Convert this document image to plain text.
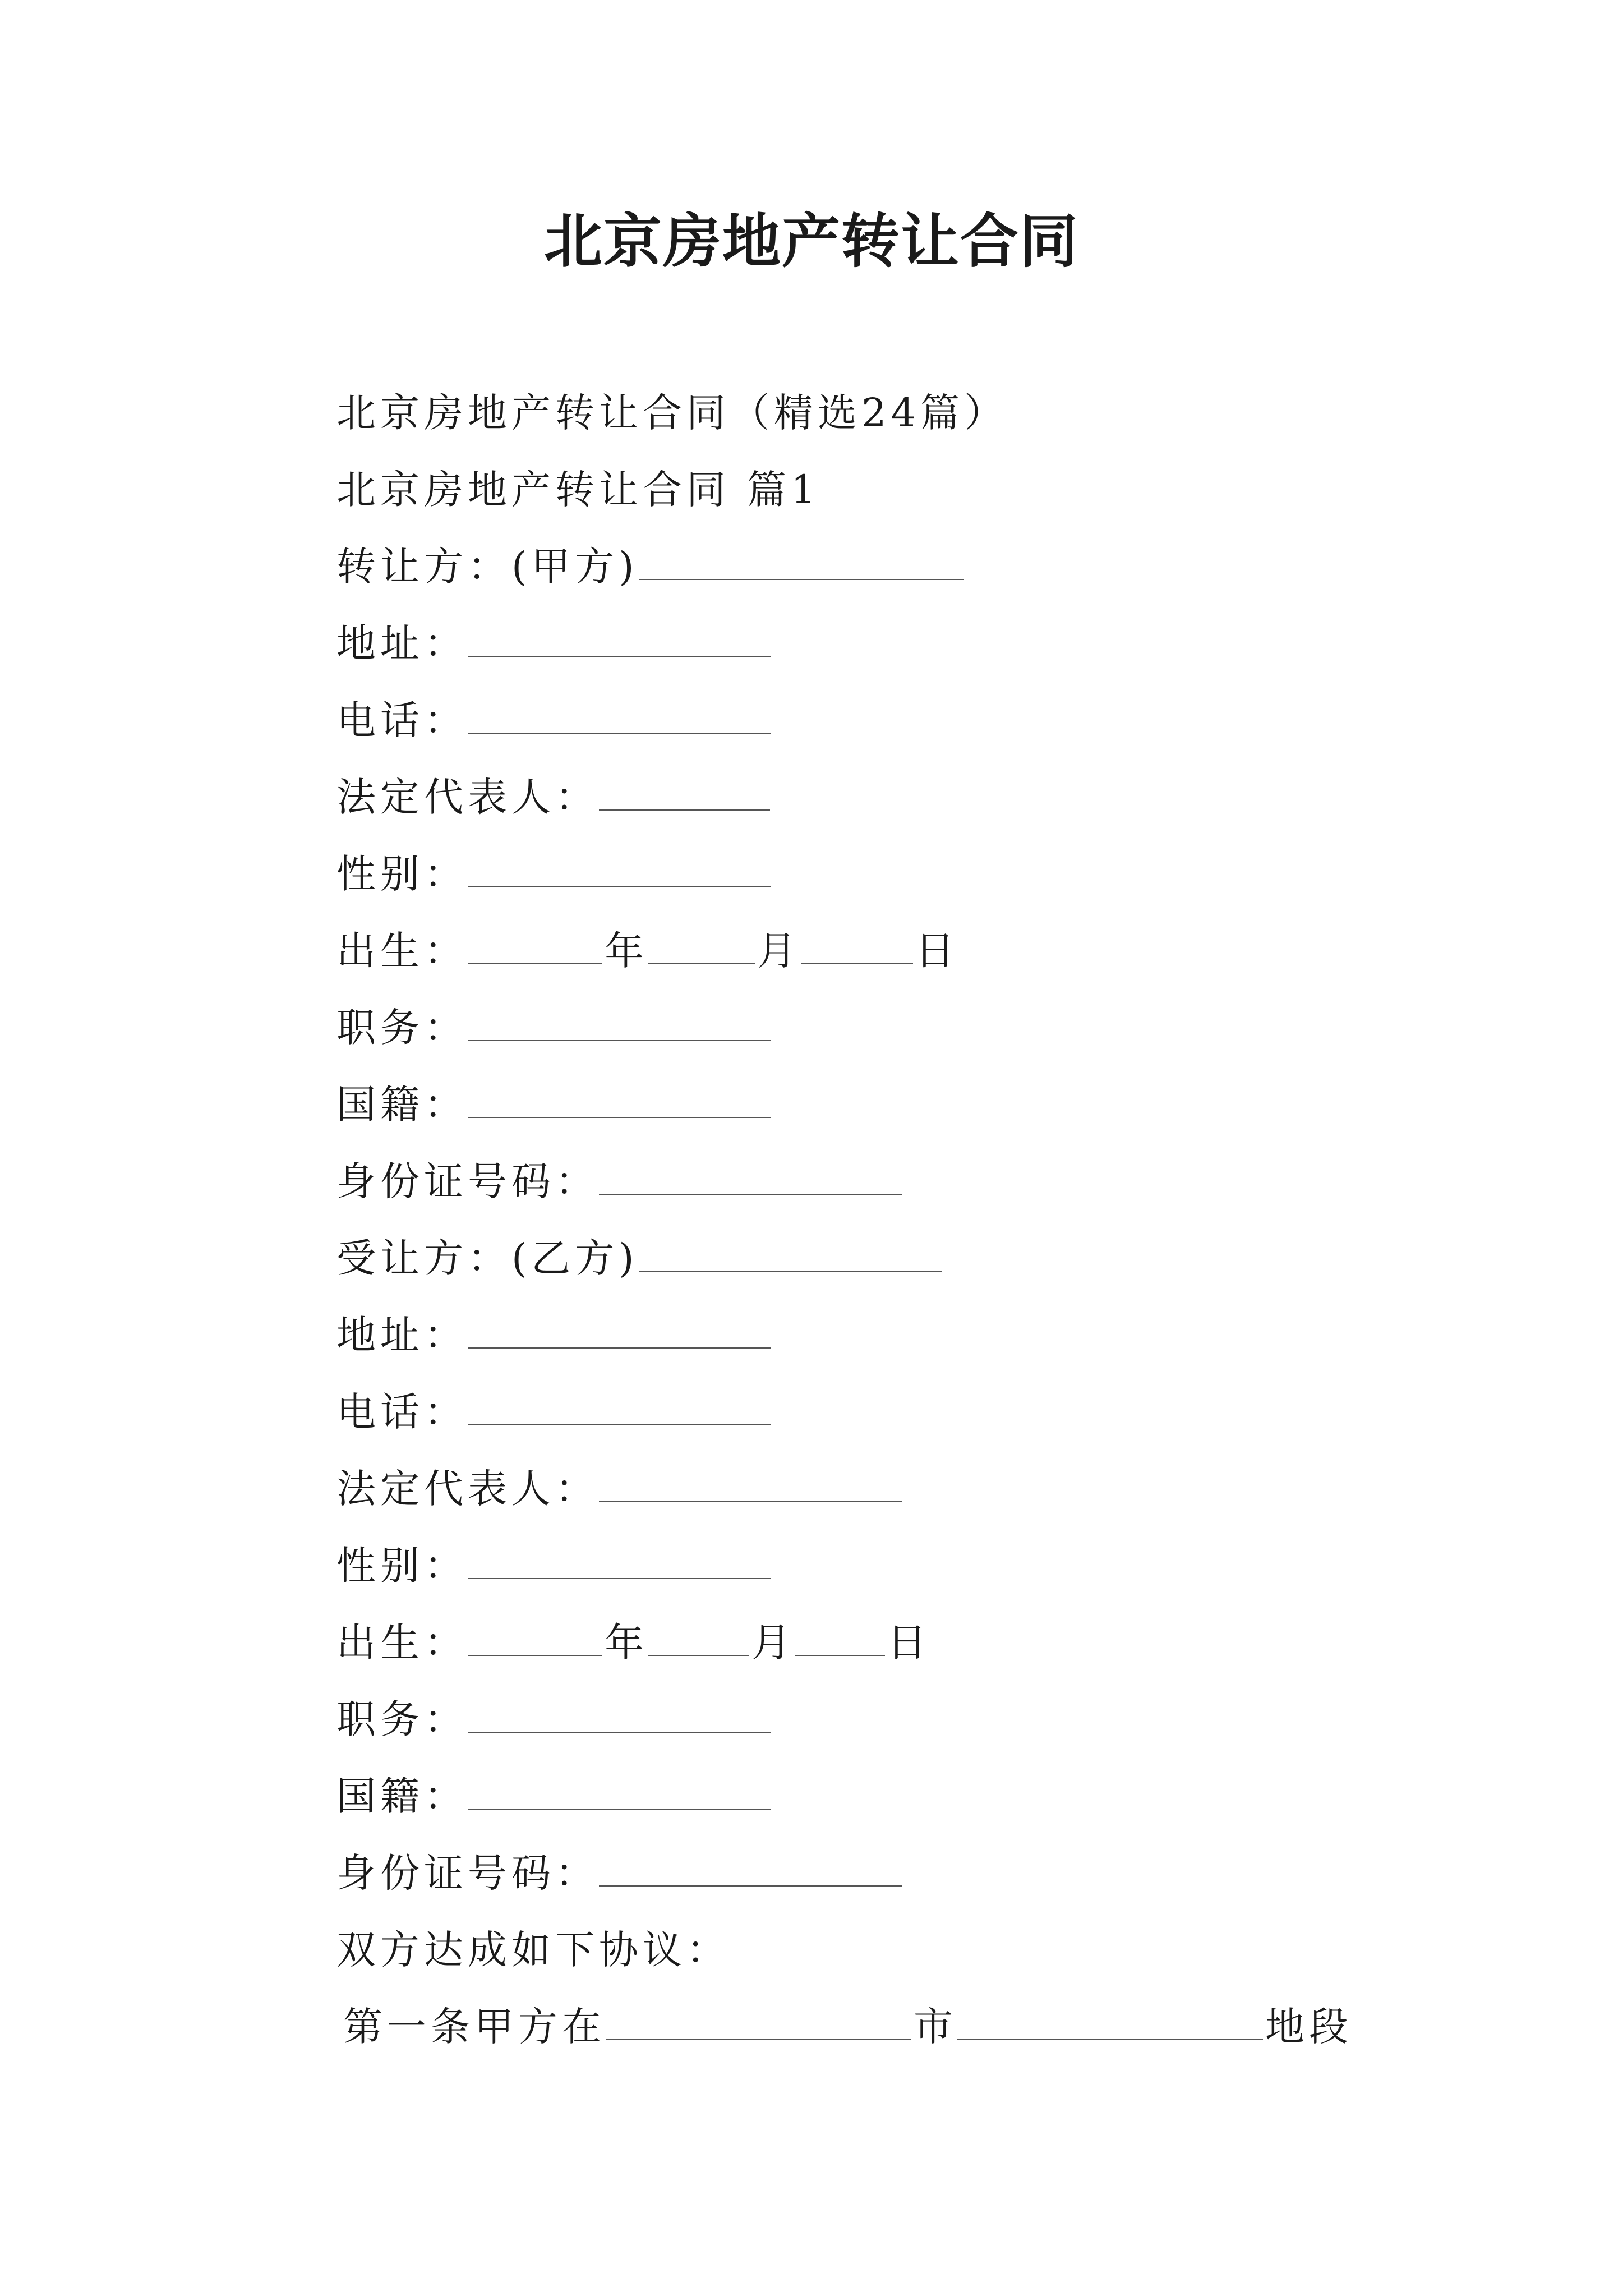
北京房地产转让合同
北京房地产转让合同（精选24篇）
北京房地产转让合同 篇1
转让方：(甲方)
地址：
电话：
法定代表人：
性别：
出生：	年	月	日
职务：
国籍：
身份证号码：
受让方：(乙方)
地址：
电话：
法定代表人：
性别：
出生：	年	月 日
职务：
国籍：
身份证号码：
双方达成如下协议：
第一条甲方在	市	地段
